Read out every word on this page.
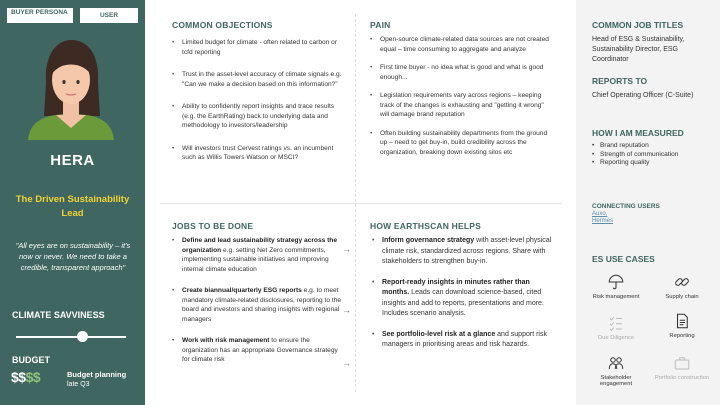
BUYER PERSONA	USER PERSONA
HERA
The Driven Sustainability Lead
"All eyes are on sustainability – it's now or never. We need to take a credible, transparent approach"
CLIMATE SAVVINESS
BUDGET
$$$$	Budget planning
late Q3
COMMON OBJECTIONS
• Limited budget for climate - often related to carbon or tcfd reporting
• Trust in the asset-level accuracy of climate signals e.g. "Can we make a decision based on this information?"
• Ability to confidently report insights and trace results (e.g. the EarthRating) back to underlying data and methodology to investors/leadership
• Will investors trust Cervest ratings vs. an incumbent such as Willis Towers Watson or MSCI?
PAIN
• Open-source climate-related data sources are not created equal – time consuming to aggregate and analyze
• First time buyer - no idea what is good and what is good enough...
• Legislation requirements vary across regions – keeping track of the changes is exhausting and "getting it wrong" will damage brand reputation
• Often building sustainability departments from the ground up – need to get buy-in, build credibility across the organization, breaking down existing silos etc
JOBS TO BE DONE
• Define and lead sustainability strategy across the organization e.g. setting Net Zero commitments, implementing sustainable initiatives and improving internal climate education
• Create biannual/quarterly ESG reports e.g. to meet mandatory climate-related disclosures, reporting to the board and investors and sharing insights with regional managers
• Work with risk management to ensure the organization has an appropriate Governance strategy for climate risk
→
→
→
HOW EARTHSCAN HELPS
• Inform governance strategy with asset-level physical climate risk, standardized across regions. Share with stakeholders to strengthen buy-in.
• Report-ready insights in minutes rather than months. Leads can download science-based, cited insights and add to reports, presentations and more. Includes scenario analysis.
• See portfolio-level risk at a glance and support risk managers in prioritising areas and risk hazards.
COMMON JOB TITLES
Head of ESG & Sustainability, Sustainability Director, ESG Coordinator
REPORTS TO
Chief Operating Officer (C-Suite)
HOW I AM MEASURED
• Brand reputation
• Strength of communication
• Reporting quality
CONNECTING USERS
Auxo,
Hermes
ES USE CASES
Risk management	Supply chain
Due Diligence	Reporting
Stakeholder engagement
Portfolio construction
